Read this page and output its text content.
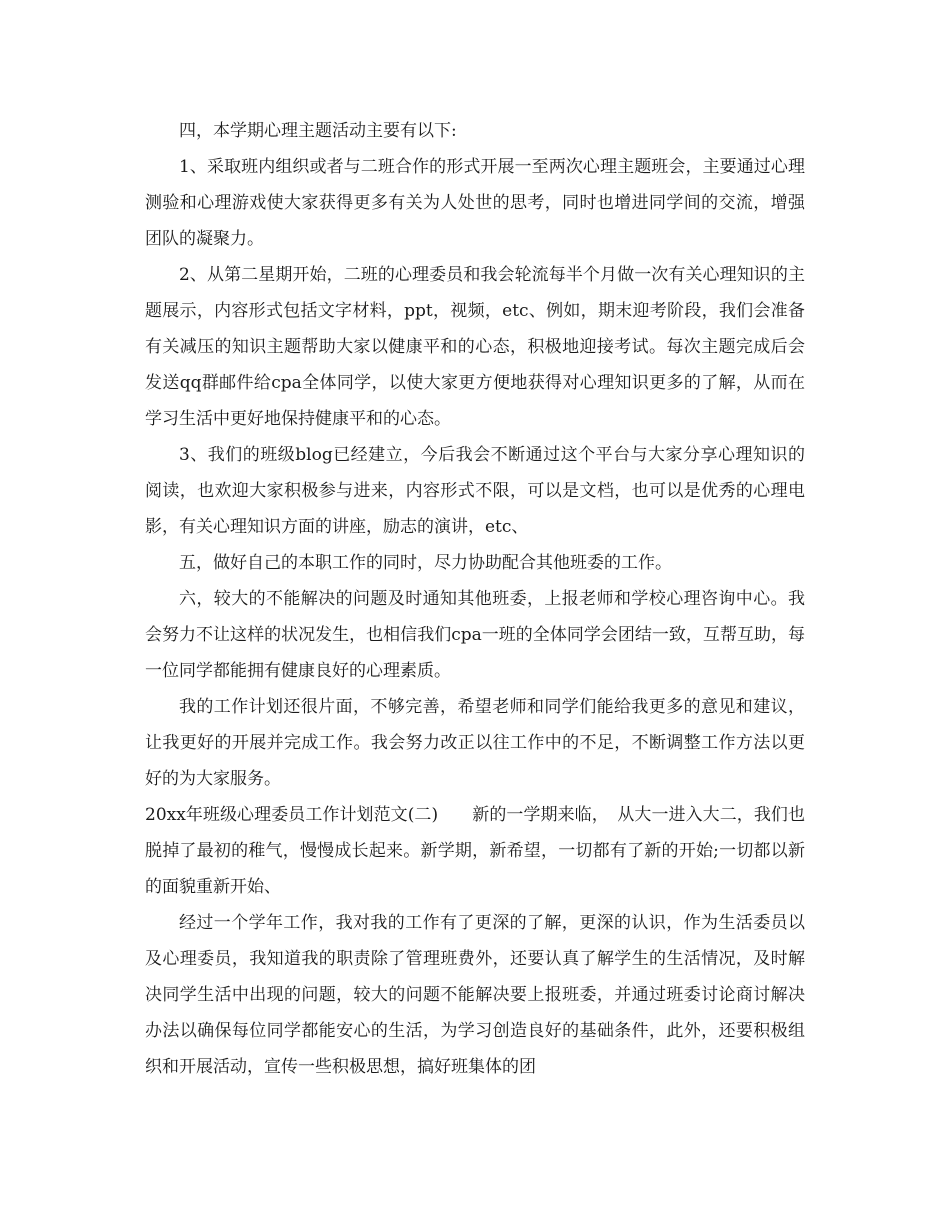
四，本学期心理主题活动主要有以下:

1、采取班内组织或者与二班合作的形式开展一至两次心理主题班会，主要通过心理测验和心理游戏使大家获得更多有关为人处世的思考，同时也增进同学间的交流，增强团队的凝聚力。

2、从第二星期开始，二班的心理委员和我会轮流每半个月做一次有关心理知识的主题展示，内容形式包括文字材料，ppt，视频，etc、例如，期末迎考阶段，我们会准备有关减压的知识主题帮助大家以健康平和的心态，积极地迎接考试。每次主题完成后会发送qq群邮件给cpa全体同学，以使大家更方便地获得对心理知识更多的了解，从而在学习生活中更好地保持健康平和的心态。

3、我们的班级blog已经建立，今后我会不断通过这个平台与大家分享心理知识的阅读，也欢迎大家积极参与进来，内容形式不限，可以是文档，也可以是优秀的心理电影，有关心理知识方面的讲座，励志的演讲，etc、

五，做好自己的本职工作的同时，尽力协助配合其他班委的工作。

六，较大的不能解决的问题及时通知其他班委，上报老师和学校心理咨询中心。我会努力不让这样的状况发生，也相信我们cpa一班的全体同学会团结一致，互帮互助，每一位同学都能拥有健康良好的心理素质。

我的工作计划还很片面，不够完善，希望老师和同学们能给我更多的意见和建议，让我更好的开展并完成工作。我会努力改正以往工作中的不足，不断调整工作方法以更好的为大家服务。

20xx年班级心理委员工作计划范文(二)　　新的一学期来临，　从大一进入大二，我们也脱掉了最初的稚气，慢慢成长起来。新学期，新希望，一切都有了新的开始;一切都以新的面貌重新开始、

经过一个学年工作，我对我的工作有了更深的了解，更深的认识，作为生活委员以及心理委员，我知道我的职责除了管理班费外，还要认真了解学生的生活情况，及时解决同学生活中出现的问题，较大的问题不能解决要上报班委，并通过班委讨论商讨解决办法以确保每位同学都能安心的生活，为学习创造良好的基础条件，此外，还要积极组织和开展活动，宣传一些积极思想，搞好班集体的团
